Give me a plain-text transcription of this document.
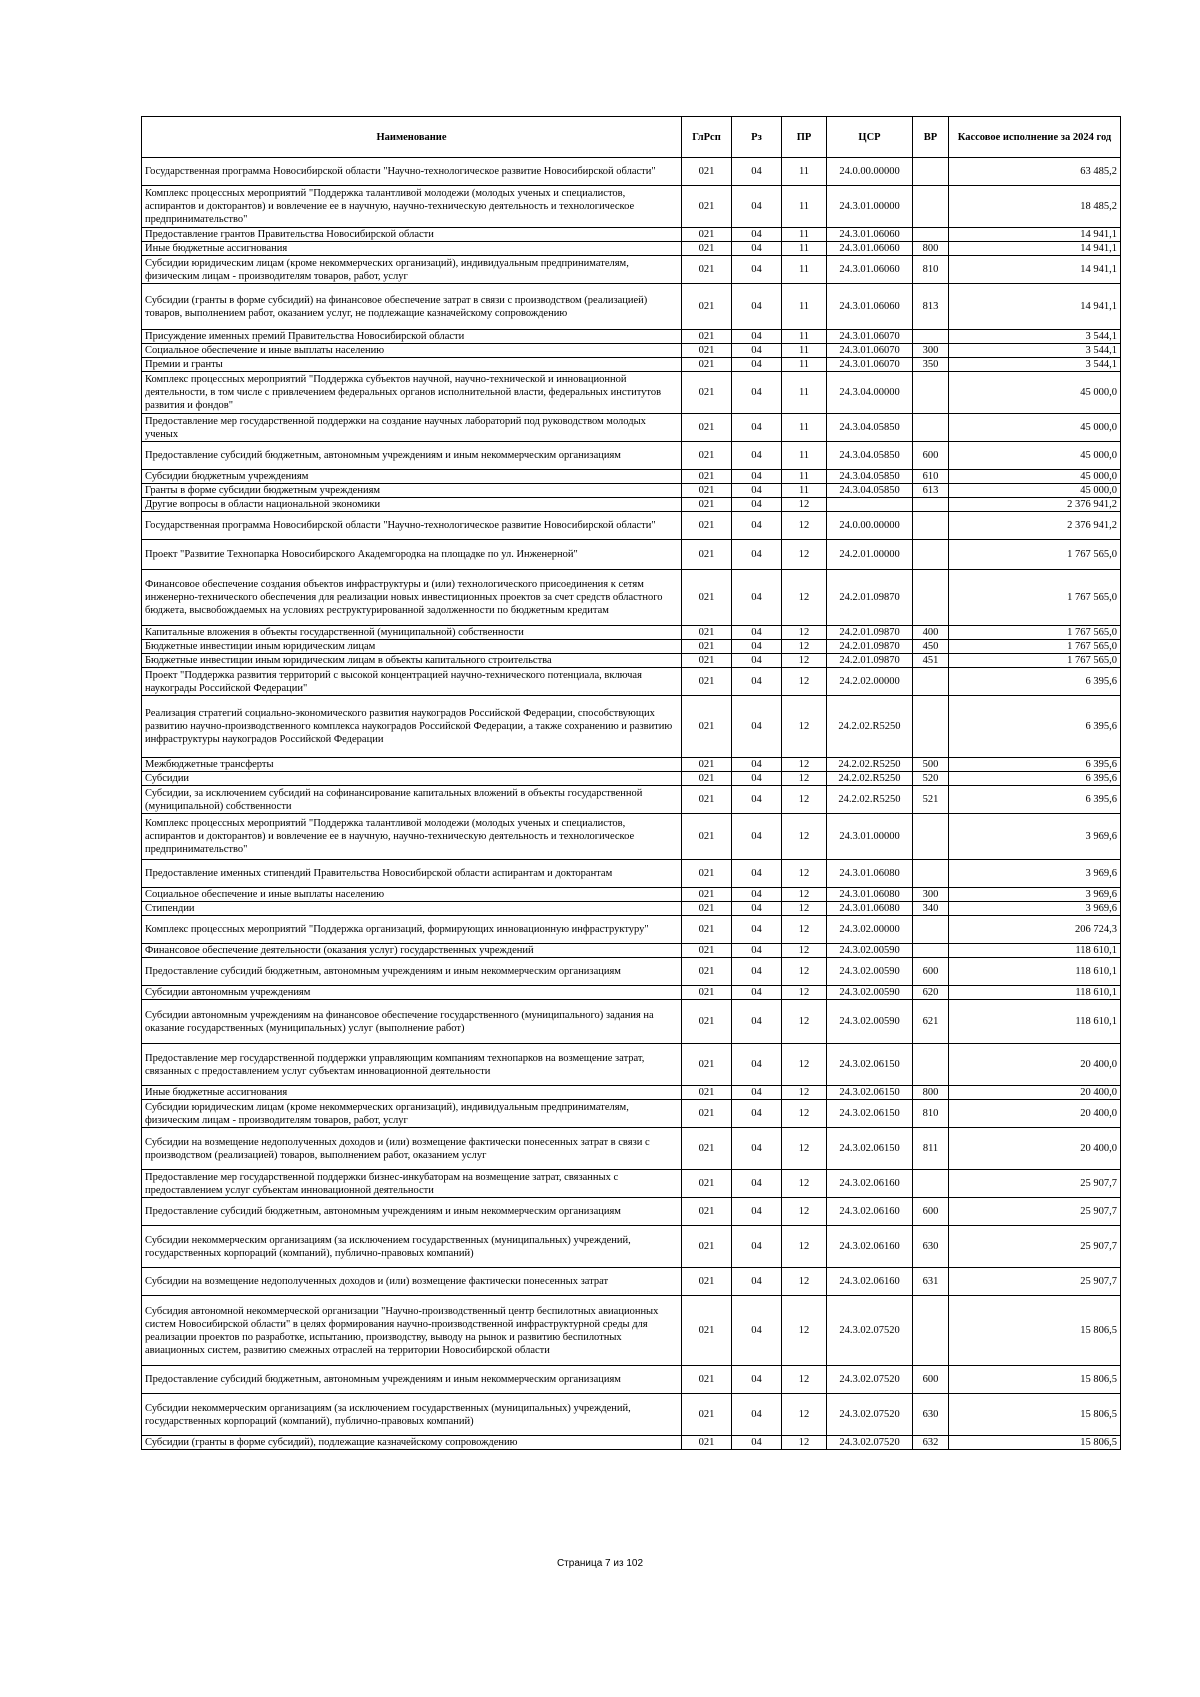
Наименование	ГлРсп	Рз	ПР	ЦСР	ВР	Кассовое исполнение за 2024 год
Государственная программа Новосибирской области "Научно-технологическое развитие Новосибирской области"	021	04	11	24.0.00.00000		63 485,2
Комплекс процессных мероприятий "Поддержка талантливой молодежи (молодых ученых и специалистов, аспирантов и докторантов) и вовлечение ее в научную, научно-техническую деятельность и технологическое предпринимательство"	021	04	11	24.3.01.00000		18 485,2
Предоставление грантов Правительства Новосибирской области	021	04	11	24.3.01.06060		14 941,1
Иные бюджетные ассигнования	021	04	11	24.3.01.06060	800	14 941,1
Субсидии юридическим лицам (кроме некоммерческих организаций), индивидуальным предпринимателям, физическим лицам - производителям товаров, работ, услуг	021	04	11	24.3.01.06060	810	14 941,1
Субсидии (гранты в форме субсидий) на финансовое обеспечение затрат в связи с производством (реализацией) товаров, выполнением работ, оказанием услуг, не подлежащие казначейскому сопровождению	021	04	11	24.3.01.06060	813	14 941,1
Присуждение именных премий Правительства Новосибирской области	021	04	11	24.3.01.06070		3 544,1
Социальное обеспечение и иные выплаты населению	021	04	11	24.3.01.06070	300	3 544,1
Премии и гранты	021	04	11	24.3.01.06070	350	3 544,1
Комплекс процессных мероприятий "Поддержка субъектов научной, научно-технической и инновационной деятельности, в том числе с привлечением федеральных органов исполнительной власти, федеральных институтов развития и фондов"	021	04	11	24.3.04.00000		45 000,0
Предоставление мер государственной поддержки на создание научных лабораторий под руководством молодых ученых	021	04	11	24.3.04.05850		45 000,0
Предоставление субсидий бюджетным, автономным учреждениям и иным некоммерческим организациям	021	04	11	24.3.04.05850	600	45 000,0
Субсидии бюджетным учреждениям	021	04	11	24.3.04.05850	610	45 000,0
Гранты в форме субсидии бюджетным учреждениям	021	04	11	24.3.04.05850	613	45 000,0
Другие вопросы в области национальной экономики	021	04	12			2 376 941,2
Государственная программа Новосибирской области "Научно-технологическое развитие Новосибирской области"	021	04	12	24.0.00.00000		2 376 941,2
Проект "Развитие Технопарка Новосибирского Академгородка на площадке по ул. Инженерной"	021	04	12	24.2.01.00000		1 767 565,0
Финансовое обеспечение создания объектов инфраструктуры и (или) технологического присоединения к сетям инженерно-технического обеспечения для реализации новых инвестиционных проектов за счет средств областного бюджета, высвобождаемых на условиях реструктурированной задолженности по бюджетным кредитам	021	04	12	24.2.01.09870		1 767 565,0
Капитальные вложения в объекты государственной (муниципальной) собственности	021	04	12	24.2.01.09870	400	1 767 565,0
Бюджетные инвестиции иным юридическим лицам	021	04	12	24.2.01.09870	450	1 767 565,0
Бюджетные инвестиции иным юридическим лицам в объекты капитального строительства	021	04	12	24.2.01.09870	451	1 767 565,0
Проект "Поддержка развития территорий с высокой концентрацией научно-технического потенциала, включая наукограды Российской Федерации"	021	04	12	24.2.02.00000		6 395,6
Реализация стратегий социально-экономического развития наукоградов Российской Федерации, способствующих развитию научно-производственного комплекса наукоградов Российской Федерации, а также сохранению и развитию инфраструктуры наукоградов Российской Федерации	021	04	12	24.2.02.R5250		6 395,6
Межбюджетные трансферты	021	04	12	24.2.02.R5250	500	6 395,6
Субсидии	021	04	12	24.2.02.R5250	520	6 395,6
Субсидии, за исключением субсидий на софинансирование капитальных вложений в объекты государственной (муниципальной) собственности	021	04	12	24.2.02.R5250	521	6 395,6
Комплекс процессных мероприятий "Поддержка талантливой молодежи (молодых ученых и специалистов, аспирантов и докторантов) и вовлечение ее в научную, научно-техническую деятельность и технологическое предпринимательство"	021	04	12	24.3.01.00000		3 969,6
Предоставление именных стипендий Правительства Новосибирской области аспирантам и докторантам	021	04	12	24.3.01.06080		3 969,6
Социальное обеспечение и иные выплаты населению	021	04	12	24.3.01.06080	300	3 969,6
Стипендии	021	04	12	24.3.01.06080	340	3 969,6
Комплекс процессных мероприятий "Поддержка организаций, формирующих инновационную инфраструктуру"	021	04	12	24.3.02.00000		206 724,3
Финансовое обеспечение деятельности (оказания услуг) государственных учреждений	021	04	12	24.3.02.00590		118 610,1
Предоставление субсидий бюджетным, автономным учреждениям и иным некоммерческим организациям	021	04	12	24.3.02.00590	600	118 610,1
Субсидии автономным учреждениям	021	04	12	24.3.02.00590	620	118 610,1
Субсидии автономным учреждениям на финансовое обеспечение государственного (муниципального) задания на оказание государственных (муниципальных) услуг (выполнение работ)	021	04	12	24.3.02.00590	621	118 610,1
Предоставление мер государственной поддержки управляющим компаниям технопарков на возмещение затрат, связанных с предоставлением услуг субъектам инновационной деятельности	021	04	12	24.3.02.06150		20 400,0
Иные бюджетные ассигнования	021	04	12	24.3.02.06150	800	20 400,0
Субсидии юридическим лицам (кроме некоммерческих организаций), индивидуальным предпринимателям, физическим лицам - производителям товаров, работ, услуг	021	04	12	24.3.02.06150	810	20 400,0
Субсидии на возмещение недополученных доходов и (или) возмещение фактически понесенных затрат в связи с производством (реализацией) товаров, выполнением работ, оказанием услуг	021	04	12	24.3.02.06150	811	20 400,0
Предоставление мер государственной поддержки бизнес-инкубаторам на возмещение затрат, связанных с предоставлением услуг субъектам инновационной деятельности	021	04	12	24.3.02.06160		25 907,7
Предоставление субсидий бюджетным, автономным учреждениям и иным некоммерческим организациям	021	04	12	24.3.02.06160	600	25 907,7
Субсидии некоммерческим организациям (за исключением государственных (муниципальных) учреждений, государственных корпораций (компаний), публично-правовых компаний)	021	04	12	24.3.02.06160	630	25 907,7
Субсидии на возмещение недополученных доходов и (или) возмещение фактически понесенных затрат	021	04	12	24.3.02.06160	631	25 907,7
Субсидия автономной некоммерческой организации "Научно-производственный центр беспилотных авиационных систем Новосибирской области" в целях формирования научно-производственной инфраструктурной среды для реализации проектов по разработке, испытанию, производству, выводу на рынок и развитию беспилотных авиационных систем, развитию смежных отраслей на территории Новосибирской области	021	04	12	24.3.02.07520		15 806,5
Предоставление субсидий бюджетным, автономным учреждениям и иным некоммерческим организациям	021	04	12	24.3.02.07520	600	15 806,5
Субсидии некоммерческим организациям (за исключением государственных (муниципальных) учреждений, государственных корпораций (компаний), публично-правовых компаний)	021	04	12	24.3.02.07520	630	15 806,5
Субсидии (гранты в форме субсидий), подлежащие казначейскому сопровождению	021	04	12	24.3.02.07520	632	15 806,5
Страница 7 из 102
